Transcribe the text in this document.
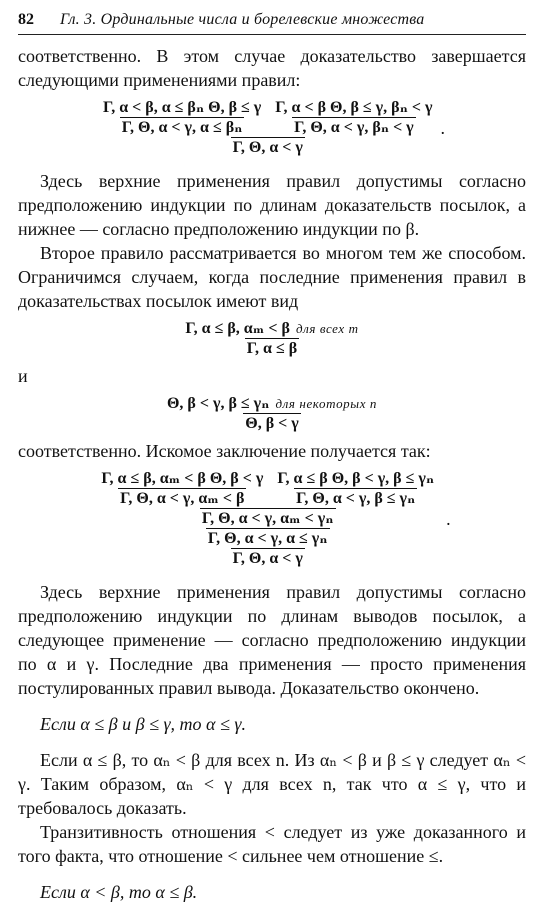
82 Гл. 3. Ординальные числа и борелевские множества

соответственно. В этом случае доказательство завершается следующими применениями правил:

$\frac{\text{Γ, α < β, α ≤ βₙ Θ, β ≤ γ}}{\text{Γ, Θ, α < γ, α ≤ βₙ}} \frac{\text{Γ, α < β Θ, β ≤ γ, βₙ < γ}}{\text{Γ, Θ, α < γ, βₙ < γ}}$
Γ, Θ, α < γ
.

Здесь верхние применения правил допустимы согласно предположению индукции по длинам доказательств посылок, а нижнее — согласно предположению индукции по β.

Второе правило рассматривается во многом тем же способом. Ограничимся случаем, когда последние применения правил в доказательствах посылок имеют вид

$\frac{\text{Γ, α ≤ β, αₘ < β для всех m}}{\Gamma, \alpha \le \beta}$

и

$\frac{\text{Θ, β < γ, β ≤ γₙ для некоторых n}}{\Theta, \beta < \gamma}$

соответственно. Искомое заключение получается так:

$\frac{\text{Γ, α ≤ β, αₘ < β Θ, β < γ}}{\text{Γ, Θ, α < γ, αₘ < β}} \frac{\text{Γ, α ≤ β Θ, β < γ, β ≤ γₙ}}{\text{Γ, Θ, α < γ, β ≤ γₙ}}$
Γ, Θ, α < γ, αₘ < γₙ
Γ, Θ, α < γ, α ≤ γₙ
Γ, Θ, α < γ
.

Здесь верхние применения правил допустимы согласно предположению индукции по длинам выводов посылок, а следующее применение — согласно предположению индукции по α и γ. Последние два применения — просто применения постулированных правил вывода. Доказательство окончено.

Если α ≤ β и β ≤ γ, то α ≤ γ.

Если α ≤ β, то αₙ < β для всех n. Из αₙ < β и β ≤ γ следует αₙ < γ. Таким образом, αₙ < γ для всех n, так что α ≤ γ, что и требовалось доказать.

Транзитивность отношения < следует из уже доказанного и того факта, что отношение < сильнее чем отношение ≤.

Если α < β, то α ≤ β.
